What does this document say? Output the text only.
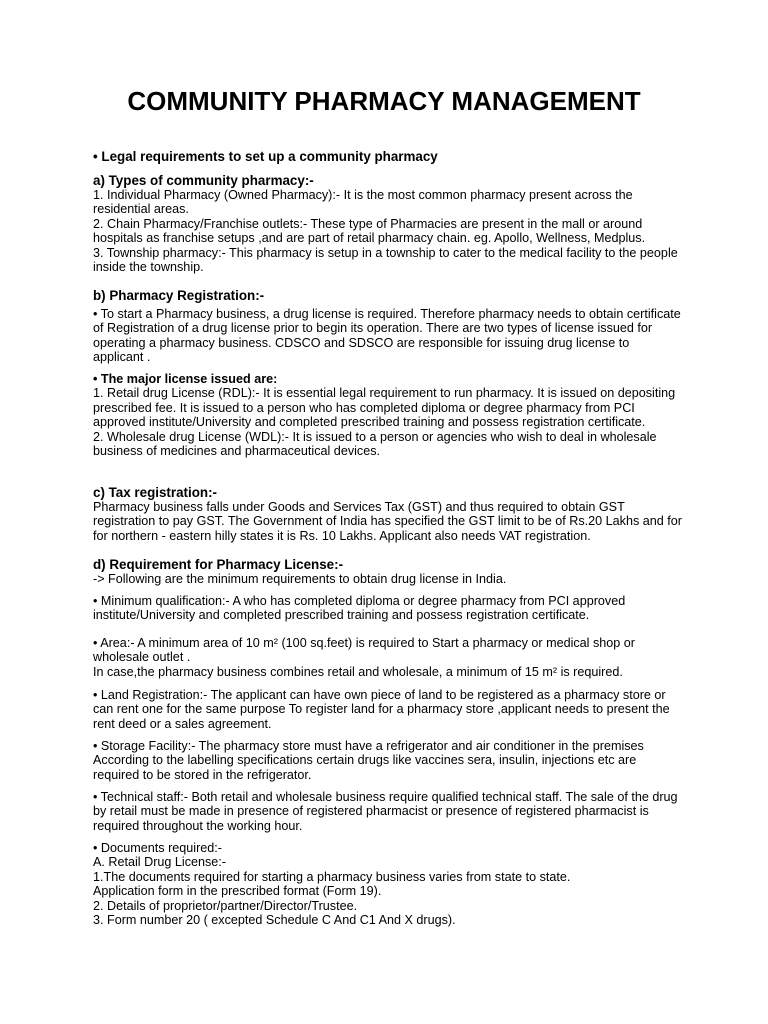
COMMUNITY PHARMACY MANAGEMENT

• Legal requirements to set up a community pharmacy

a) Types of community pharmacy:-

1. Individual Pharmacy (Owned Pharmacy):- It is the most common pharmacy present across the residential areas.

2. Chain Pharmacy/Franchise outlets:- These type of Pharmacies are present in the mall or around hospitals as franchise setups ,and are part of retail pharmacy chain. eg. Apollo, Wellness, Medplus.

3. Township pharmacy:- This pharmacy is setup in a township to cater to the medical facility to the people inside the township.

b) Pharmacy Registration:-

• To start a Pharmacy business, a drug license is required. Therefore pharmacy needs to obtain certificate of Registration of a drug license prior to begin its operation. There are two types of license issued for operating a pharmacy business. CDSCO and SDSCO are responsible for issuing drug license to applicant .

• The major license issued are:

1. Retail drug License (RDL):- It is essential legal requirement to run pharmacy. It is issued on depositing prescribed fee. It is issued to a person who has completed diploma or degree pharmacy from PCI approved institute/University and completed prescribed training and possess registration certificate.

2. Wholesale drug License (WDL):- It is issued to a person or agencies who wish to deal in wholesale business of medicines and pharmaceutical devices.

c) Tax registration:-

Pharmacy business falls under Goods and Services Tax (GST) and thus required to obtain GST registration to pay GST. The Government of India has specified the GST limit to be of Rs.20 Lakhs and for for northern - eastern hilly states it is Rs. 10 Lakhs. Applicant also needs VAT registration.

d) Requirement for Pharmacy License:-

-> Following are the minimum requirements to obtain drug license in India.

• Minimum qualification:- A who has completed diploma or degree pharmacy from PCI approved institute/University and completed prescribed training and possess registration certificate.

• Area:- A minimum area of 10 m² (100 sq.feet) is required to Start a pharmacy or medical shop or wholesale outlet .

In case,the pharmacy business combines retail and wholesale, a minimum of 15 m² is required.

• Land Registration:- The applicant can have own piece of land to be registered as a pharmacy store or can rent one for the same purpose To register land for a pharmacy store ,applicant needs to present the rent deed or a sales agreement.

• Storage Facility:- The pharmacy store must have a refrigerator and air conditioner in the premises According to the labelling specifications certain drugs like vaccines sera, insulin, injections etc are required to be stored in the refrigerator.

• Technical staff:- Both retail and wholesale business require qualified technical staff. The sale of the drug by retail must be made in presence of registered pharmacist or presence of registered pharmacist is required throughout the working hour.

• Documents required:-

A. Retail Drug License:-

1.The documents required for starting a pharmacy business varies from state to state.

Application form in the prescribed format (Form 19).

2. Details of proprietor/partner/Director/Trustee.

3. Form number 20 ( excepted Schedule C And C1 And X drugs).
